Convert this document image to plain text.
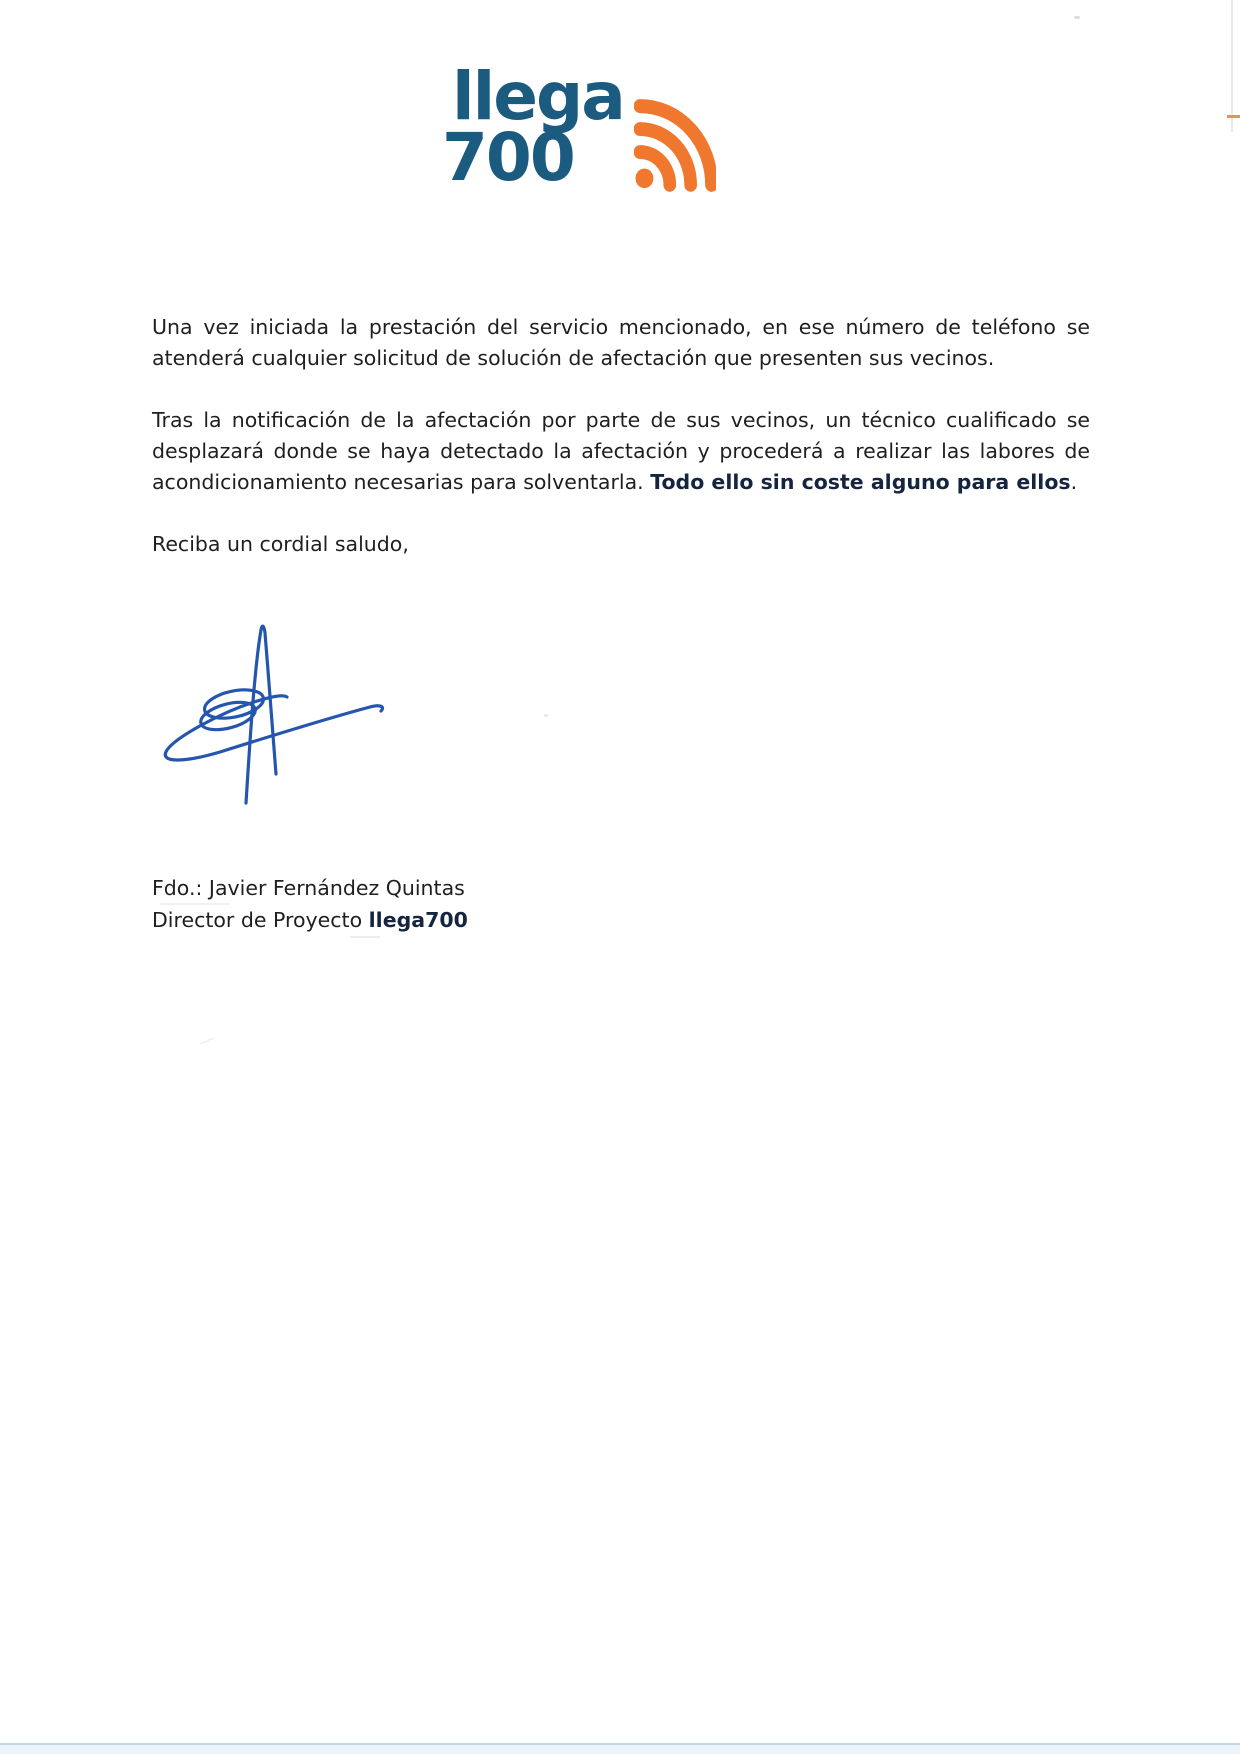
llega
700

Una vez iniciada la prestación del servicio mencionado, en ese número de teléfono se atenderá cualquier solicitud de solución de afectación que presenten sus vecinos.

Tras la notificación de la afectación por parte de sus vecinos, un técnico cualificado se desplazará donde se haya detectado la afectación y procederá a realizar las labores de acondicionamiento necesarias para solventarla. Todo ello sin coste alguno para ellos.

Reciba un cordial saludo,

Fdo.: Javier Fernández Quintas
Director de Proyecto llega700
